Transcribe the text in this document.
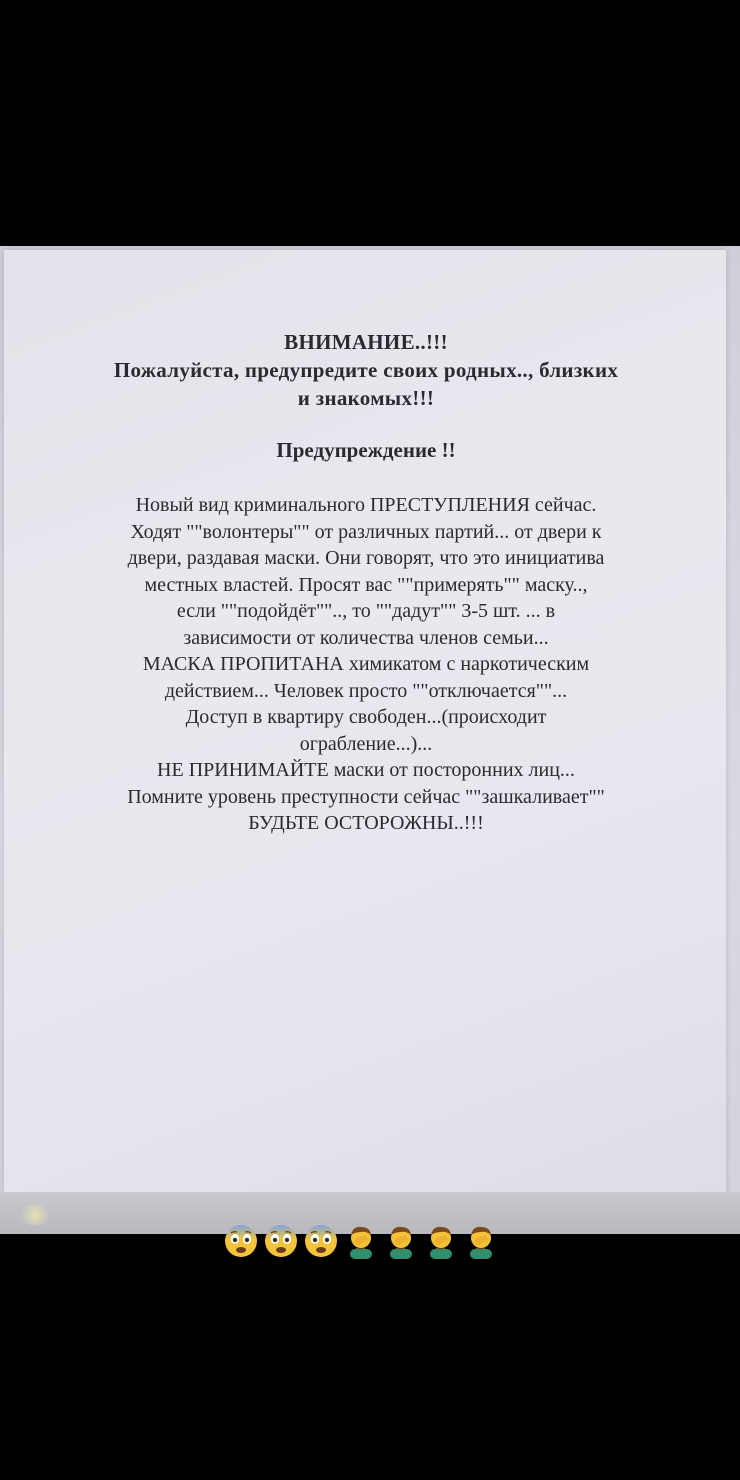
ВНИМАНИЕ..!!!
Пожалуйста, предупредите своих родных.., близких
и знакомых!!!
Предупреждение !!
Новый вид криминального ПРЕСТУПЛЕНИЯ сейчас.
Ходят ""волонтеры"" от различных партий... от двери к
двери, раздавая маски. Они говорят, что это инициатива
местных властей. Просят вас ""примерять"" маску..,
если ""подойдёт"".., то ""дадут"" 3-5 шт. ... в
зависимости от количества членов семьи...
МАСКА ПРОПИТАНА химикатом с наркотическим
действием... Человек просто ""отключается""...
Доступ в квартиру свободен...(происходит
ограбление...)...
НЕ ПРИНИМАЙТЕ маски от посторонних лиц...
Помните уровень преступности сейчас ""зашкаливает""
БУДЬТЕ ОСТОРОЖНЫ..!!!
